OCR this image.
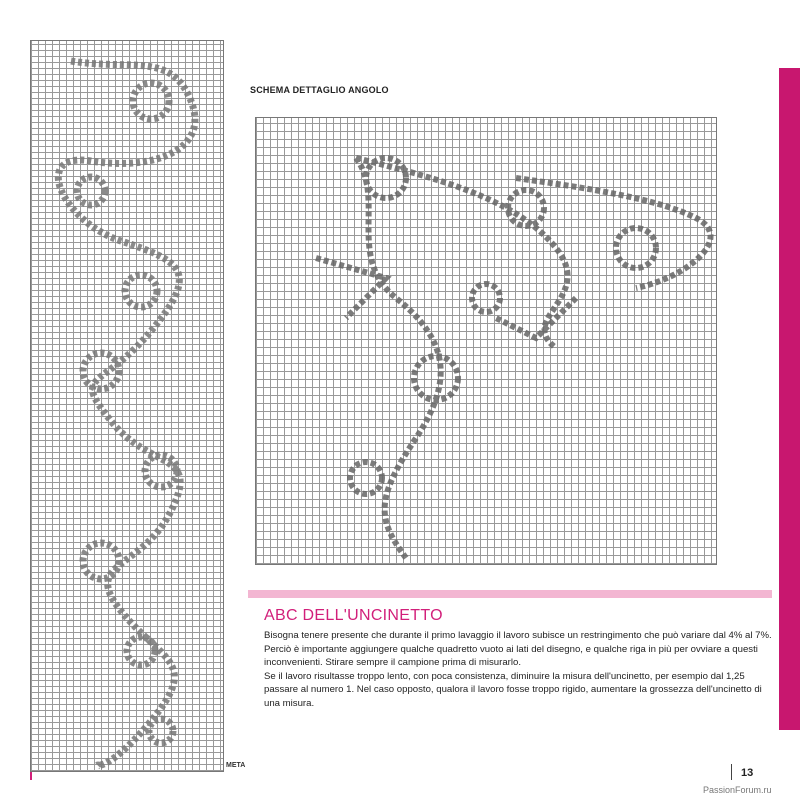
META
SCHEMA DETTAGLIO ANGOLO
ABC DELL'UNCINETTO

Bisogna tenere presente che durante il primo lavaggio il lavoro subisce un restringimento che può variare dal 4% al 7%. Perciò è importante aggiungere qualche quadretto vuoto ai lati del disegno, e qualche riga in più per ovviare a questi inconvenienti. Stirare sempre il campione prima di misurarlo.

Se il lavoro risultasse troppo lento, con poca consistenza, diminuire la misura dell'uncinetto, per esempio dal 1,25 passare al numero 1. Nel caso opposto, qualora il lavoro fosse troppo rigido, aumentare la grossezza dell'uncinetto di una misura.

13
PassionForum.ru
